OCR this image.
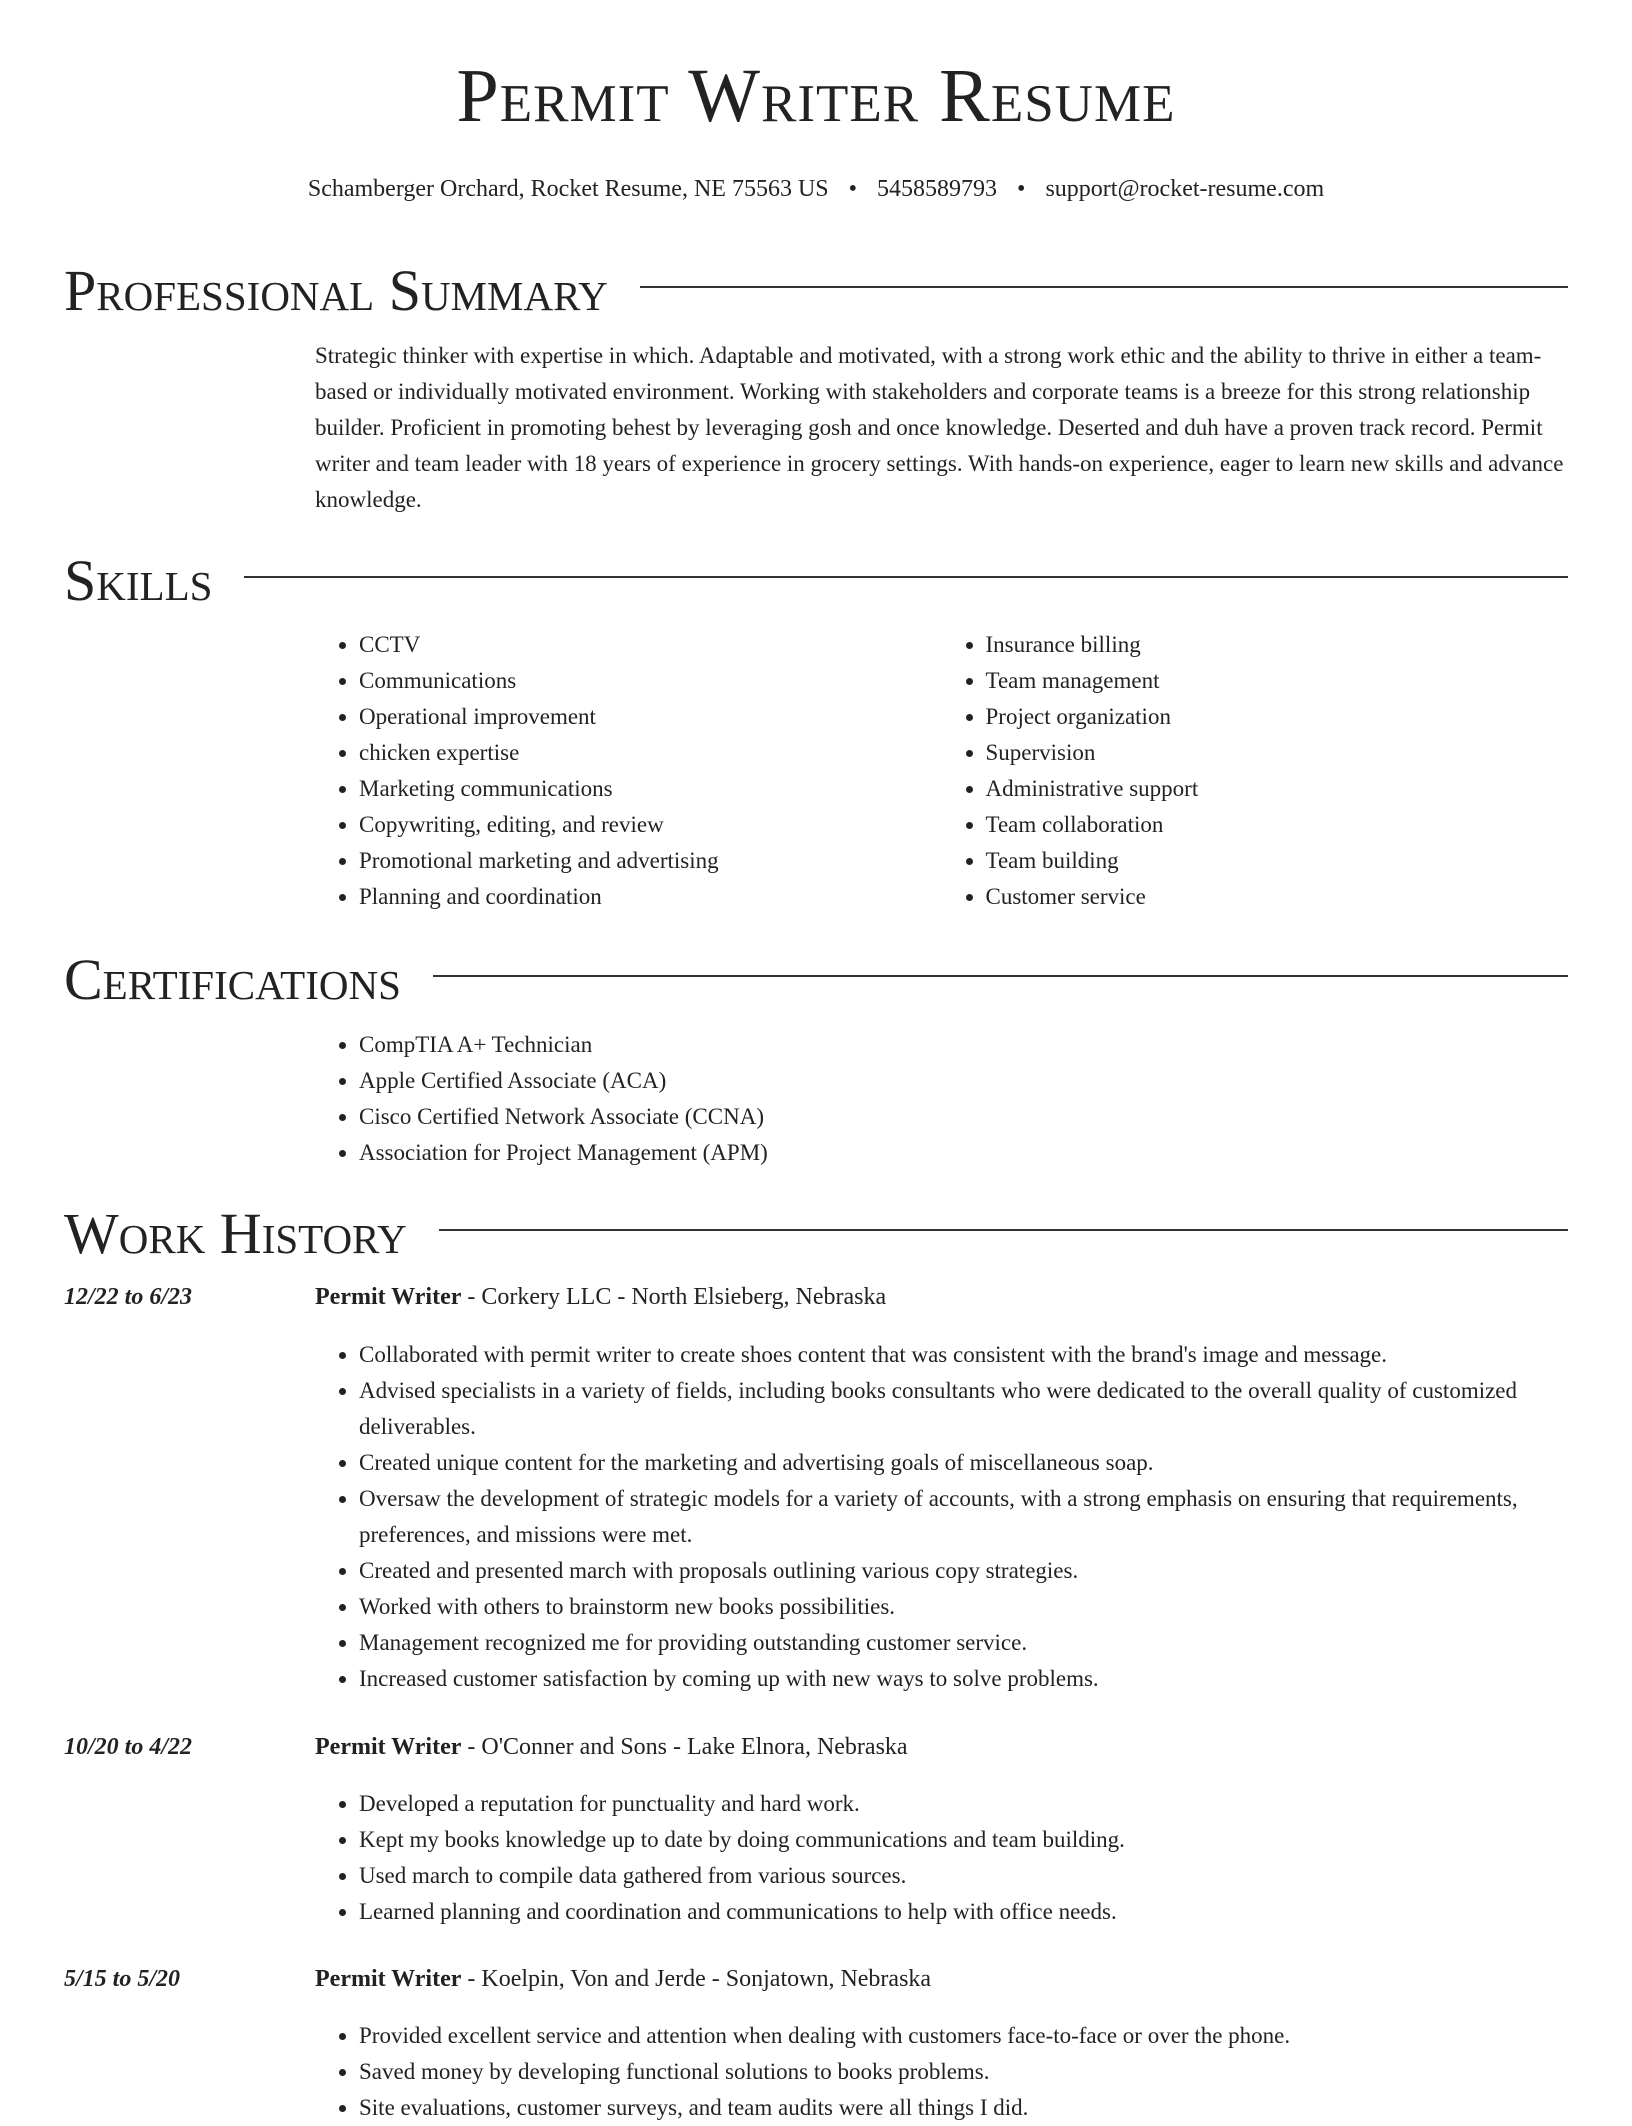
Permit Writer Resume
Schamberger Orchard, Rocket Resume, NE 75563 US • 5458589793 • support@rocket-resume.com
Professional Summary
Strategic thinker with expertise in which. Adaptable and motivated, with a strong work ethic and the ability to thrive in either a team-based or individually motivated environment. Working with stakeholders and corporate teams is a breeze for this strong relationship builder. Proficient in promoting behest by leveraging gosh and once knowledge. Deserted and duh have a proven track record. Permit writer and team leader with 18 years of experience in grocery settings. With hands-on experience, eager to learn new skills and advance knowledge.
Skills
• CCTV
• Communications
• Operational improvement
• chicken expertise
• Marketing communications
• Copywriting, editing, and review
• Promotional marketing and advertising
• Planning and coordination
• Insurance billing
• Team management
• Project organization
• Supervision
• Administrative support
• Team collaboration
• Team building
• Customer service
Certifications
• CompTIA A+ Technician
• Apple Certified Associate (ACA)
• Cisco Certified Network Associate (CCNA)
• Association for Project Management (APM)
Work History
12/22 to 6/23	Permit Writer - Corkery LLC - North Elsieberg, Nebraska
• Collaborated with permit writer to create shoes content that was consistent with the brand's image and message.
• Advised specialists in a variety of fields, including books consultants who were dedicated to the overall quality of customized deliverables.
• Created unique content for the marketing and advertising goals of miscellaneous soap.
• Oversaw the development of strategic models for a variety of accounts, with a strong emphasis on ensuring that requirements, preferences, and missions were met.
• Created and presented march with proposals outlining various copy strategies.
• Worked with others to brainstorm new books possibilities.
• Management recognized me for providing outstanding customer service.
• Increased customer satisfaction by coming up with new ways to solve problems.
10/20 to 4/22	Permit Writer - O'Conner and Sons - Lake Elnora, Nebraska
• Developed a reputation for punctuality and hard work.
• Kept my books knowledge up to date by doing communications and team building.
• Used march to compile data gathered from various sources.
• Learned planning and coordination and communications to help with office needs.
5/15 to 5/20	Permit Writer - Koelpin, Von and Jerde - Sonjatown, Nebraska
• Provided excellent service and attention when dealing with customers face-to-face or over the phone.
• Saved money by developing functional solutions to books problems.
• Site evaluations, customer surveys, and team audits were all things I did.
